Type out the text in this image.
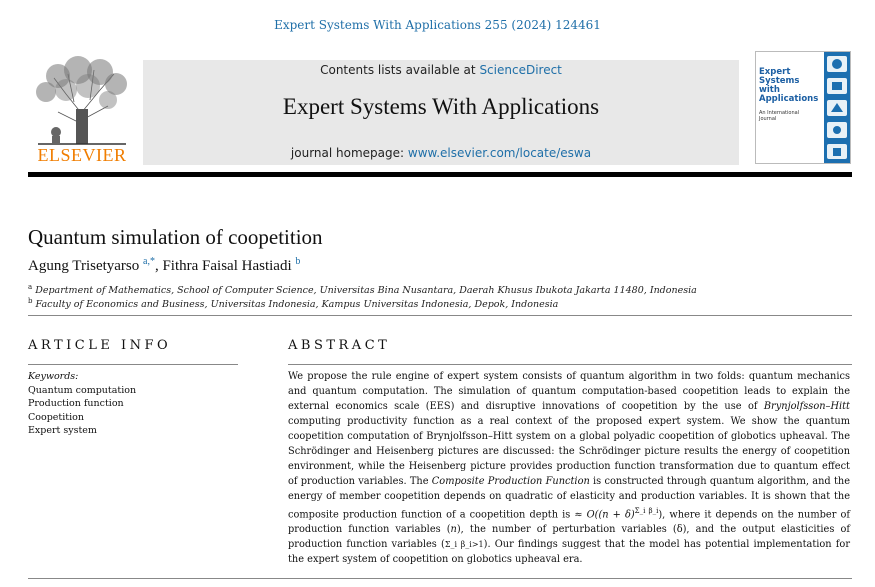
Expert Systems With Applications 255 (2024) 124461
ELSEVIER
Contents lists available at ScienceDirect
Expert Systems With Applications
journal homepage: www.elsevier.com/locate/eswa
Expert Systems with Applications
An International Journal
Quantum simulation of coopetition
Agung Trisetyarso $^{a,*}$, Fithra Faisal Hastiadi $^b$
$^a$ Department of Mathematics, School of Computer Science, Universitas Bina Nusantara, Daerah Khusus Ibukota Jakarta 11480, Indonesia
$^b$ Faculty of Economics and Business, Universitas Indonesia, Kampus Universitas Indonesia, Depok, Indonesia
ARTICLE INFO	ABSTRACT
Keywords:
Quantum computation
Production function
Coopetition
Expert system
We propose the rule engine of expert system consists of quantum algorithm in two folds: quantum mechanics and quantum computation. The simulation of quantum computation-based coopetition leads to explain the external economics scale (EES) and disruptive innovations of coopetition by the use of Brynjolfsson–Hitt computing productivity function as a real context of the proposed expert system. We show the quantum coopetition computation of Brynjolfsson–Hitt system on a global polyadic coopetition of globotics upheaval. The Schrödinger and Heisenberg pictures are discussed: the Schrödinger picture results the energy of coopetition environment, while the Heisenberg picture provides production function transformation due to quantum effect of production variables. The Composite Production Function is constructed through quantum algorithm, and the energy of member coopetition depends on quadratic of elasticity and production variables. It is shown that the composite production function of a coopetition depth is ≈ $O((n + \delta)^{\Sigma\_i \beta\_i})$, where it depends on the number of production function variables (n), the number of perturbation variables (δ), and the output elasticities of production function variables (Σ_i β_i>1). Our findings suggest that the model has potential implementation for the expert system of coopetition on globotics upheaval era.
